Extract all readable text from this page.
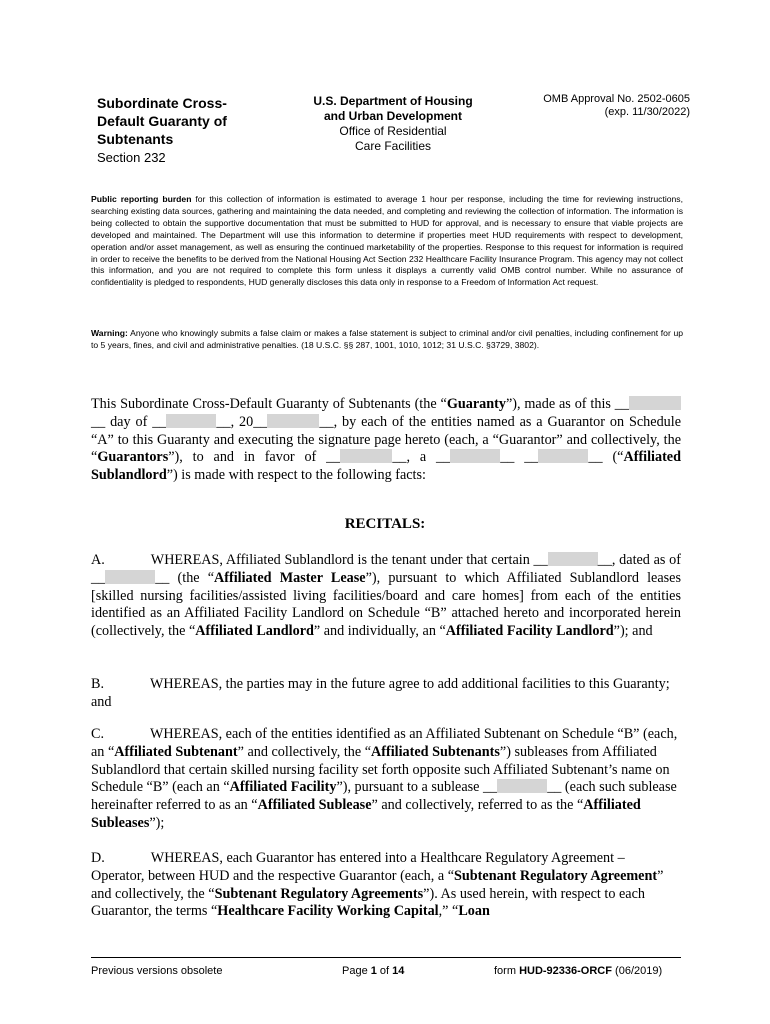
Subordinate Cross-
Default Guaranty of
Subtenants
Section 232
U.S. Department of Housing
and Urban Development
Office of Residential
Care Facilities
OMB Approval No. 2502-0605
(exp. 11/30/2022)
Public reporting burden for this collection of information is estimated to average 1 hour per response, including the time for reviewing instructions, searching existing data sources, gathering and maintaining the data needed, and completing and reviewing the collection of information. The information is being collected to obtain the supportive documentation that must be submitted to HUD for approval, and is necessary to ensure that viable projects are developed and maintained. The Department will use this information to determine if properties meet HUD requirements with respect to development, operation and/or asset management, as well as ensuring the continued marketability of the properties. Response to this request for information is required in order to receive the benefits to be derived from the National Housing Act Section 232 Healthcare Facility Insurance Program. This agency may not collect this information, and you are not required to complete this form unless it displays a currently valid OMB control number. While no assurance of confidentiality is pledged to respondents, HUD generally discloses this data only in response to a Freedom of Information Act request.
Warning: Anyone who knowingly submits a false claim or makes a false statement is subject to criminal and/or civil penalties, including confinement for up to 5 years, fines, and civil and administrative penalties. (18 U.S.C. §§ 287, 1001, 1010, 1012; 31 U.S.C. §3729, 3802).
This Subordinate Cross-Default Guaranty of Subtenants (the “Guaranty”), made as of this ____ day of __	__, 20__	__, by each of the entities named as a Guarantor on Schedule “A” to this Guaranty and executing the signature page hereto (each, a “Guarantor” and collectively, the “Guarantors”), to and in favor of __	__, a __	__ __	__ (“Affiliated Sublandlord”) is made with respect to the following facts:
RECITALS:
A.	WHEREAS, Affiliated Sublandlord is the tenant under that certain __	__, dated as of __	__ (the “Affiliated Master Lease”), pursuant to which Affiliated Sublandlord leases [skilled nursing facilities/assisted living facilities/board and care homes] from each of the entities identified as an Affiliated Facility Landlord on Schedule “B” attached hereto and incorporated herein (collectively, the “Affiliated Landlord” and individually, an “Affiliated Facility Landlord”); and
B.	WHEREAS, the parties may in the future agree to add additional facilities to this Guaranty; and
C.	WHEREAS, each of the entities identified as an Affiliated Subtenant on Schedule “B” (each, an “Affiliated Subtenant” and collectively, the “Affiliated Subtenants”) subleases from Affiliated Sublandlord that certain skilled nursing facility set forth opposite such Affiliated Subtenant’s name on Schedule “B” (each an “Affiliated Facility”), pursuant to a sublease __	__ (each such sublease hereinafter referred to as an “Affiliated Sublease” and collectively, referred to as the “Affiliated Subleases”);
D.	WHEREAS, each Guarantor has entered into a Healthcare Regulatory Agreement – Operator, between HUD and the respective Guarantor (each, a “Subtenant Regulatory Agreement” and collectively, the “Subtenant Regulatory Agreements”). As used herein, with respect to each Guarantor, the terms “Healthcare Facility Working Capital,” “Loan
Previous versions obsolete	Page 1 of 14	form HUD-92336-ORCF (06/2019)
